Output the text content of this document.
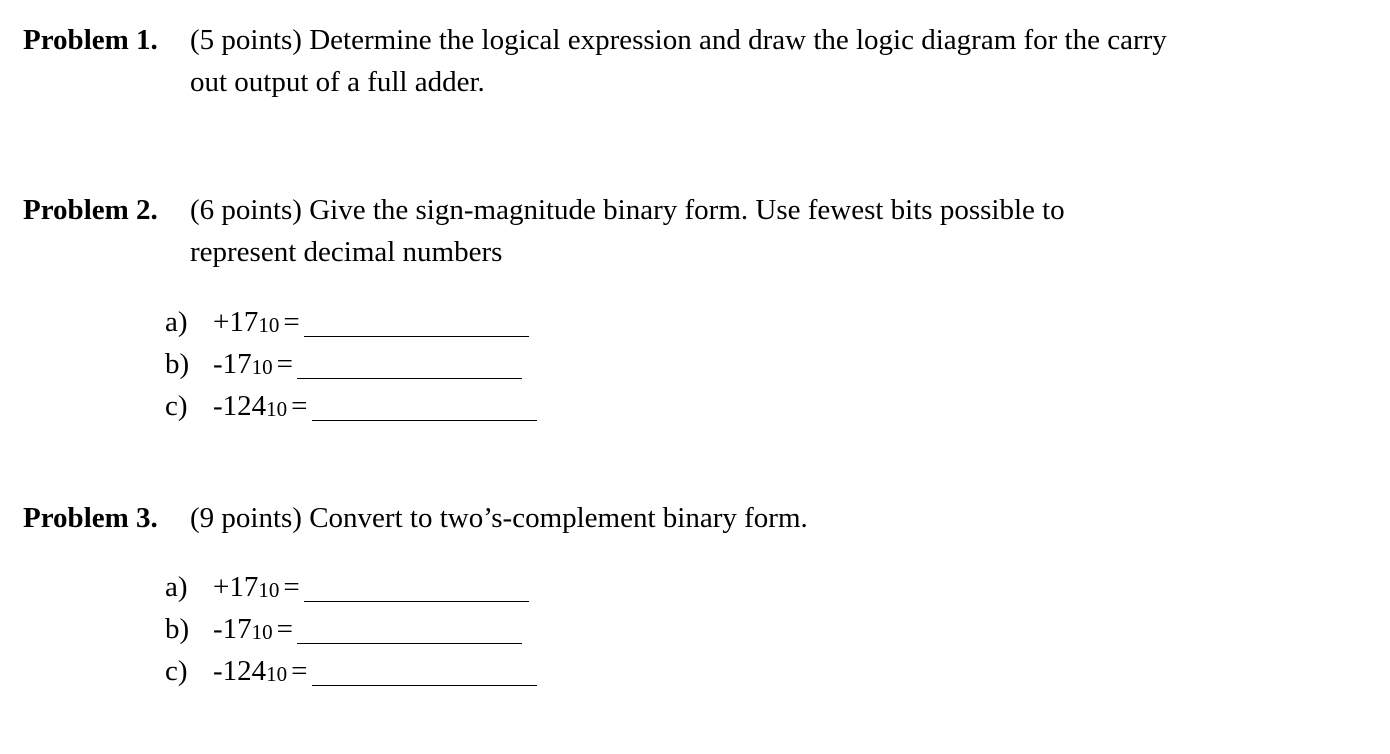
Problem 1. (5 points) Determine the logical expression and draw the logic diagram for the carry
out output of a full adder.
Problem 2. (6 points) Give the sign-magnitude binary form. Use fewest bits possible to
represent decimal numbers
a) +1710 =
b) -1710 =
c) -12410 =
Problem 3. (9 points) Convert to two’s-complement binary form.
a) +1710 =
b) -1710 =
c) -12410 =
